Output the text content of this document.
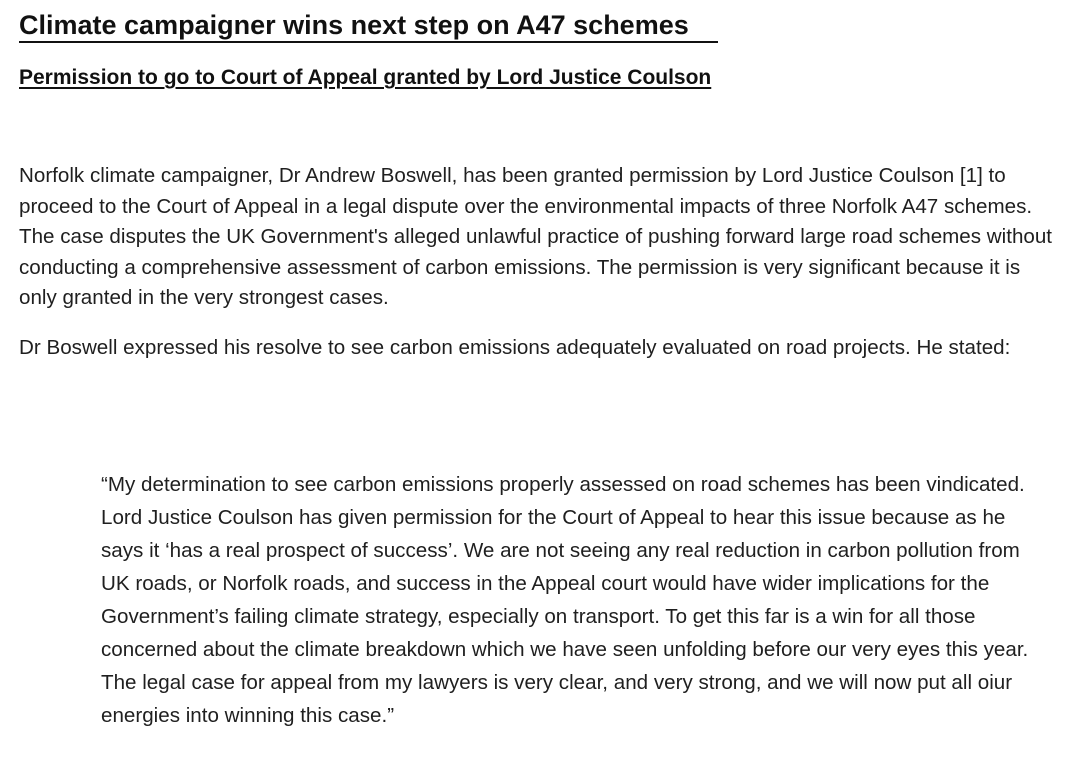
Climate campaigner wins next step on A47 schemes
Permission to go to Court of Appeal granted by Lord Justice Coulson

Norfolk climate campaigner, Dr Andrew Boswell, has been granted permission by Lord Justice Coulson [1] to proceed to the Court of Appeal in a legal dispute over the environmental impacts of three Norfolk A47 schemes. The case disputes the UK Government's alleged unlawful practice of pushing forward large road schemes without conducting a comprehensive assessment of carbon emissions. The permission is very significant because it is only granted in the very strongest cases.

Dr Boswell expressed his resolve to see carbon emissions adequately evaluated on road projects. He stated:

“My determination to see carbon emissions properly assessed on road schemes has been vindicated. Lord Justice Coulson has given permission for the Court of Appeal to hear this issue because as he says it ‘has a real prospect of success’. We are not seeing any real reduction in carbon pollution from UK roads, or Norfolk roads, and success in the Appeal court would have wider implications for the Government’s failing climate strategy, especially on transport. To get this far is a win for all those concerned about the climate breakdown which we have seen unfolding before our very eyes this year. The legal case for appeal from my lawyers is very clear, and very strong, and we will now put all oiur energies into winning this case.”
